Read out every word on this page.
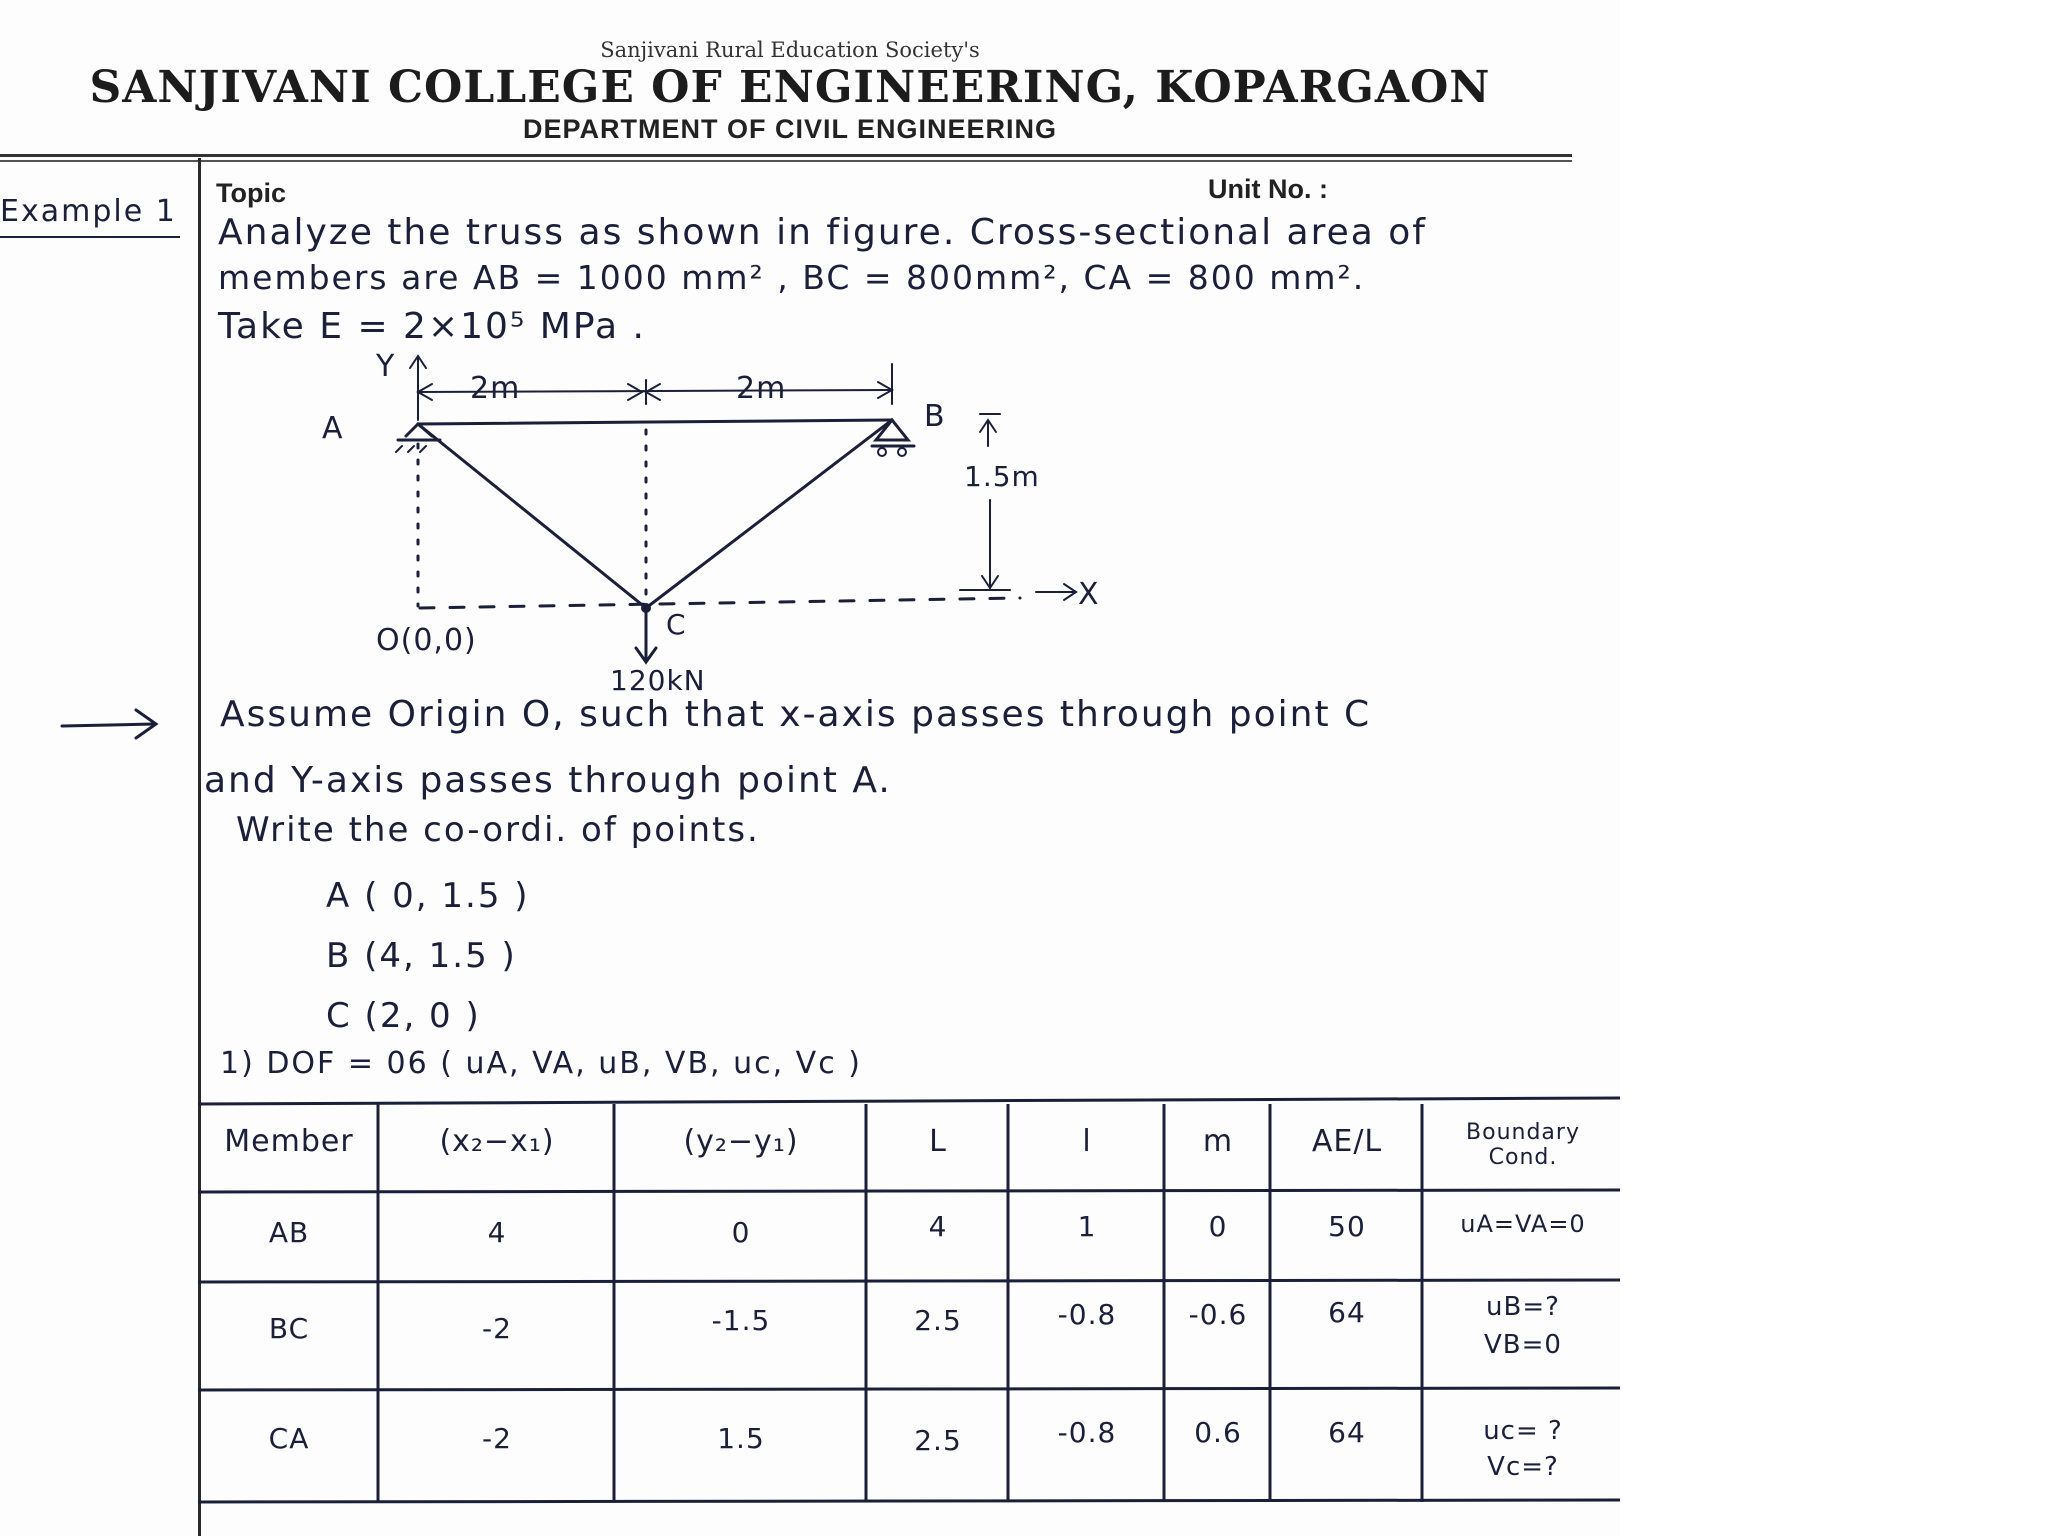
Sanjivani Rural Education Society's
SANJIVANI COLLEGE OF ENGINEERING, KOPARGAON
DEPARTMENT OF CIVIL ENGINEERING
Topic	Unit No. :
Example 1
Analyze the truss as shown in figure. Cross-sectional area of
members are AB = 1000 mm² , BC = 800mm², CA = 800 mm².
Take E = 2×10⁵ MPa .
Y
2m	2m
A	B
1.5m
X
C
O(0,0)
120kN
Assume Origin O, such that x-axis passes through point C
and Y-axis passes through point A.
Write the co-ordi. of points.
A ( 0, 1.5 )
B (4, 1.5 )
C (2, 0 )
1) DOF = 06 ( uA, VA, uB, VB, uc, Vc )
Member	(x₂−x₁)	(y₂−y₁)	L	l	m	AE/L	Boundary Cond.
AB	4	0	4	1	0	50	uA=VA=0
BC	-2	-1.5	2.5	-0.8	-0.6	64	uB=?
VB=0
CA	-2	1.5	2.5	-0.8	0.6	64	uc= ?
Vc=?
